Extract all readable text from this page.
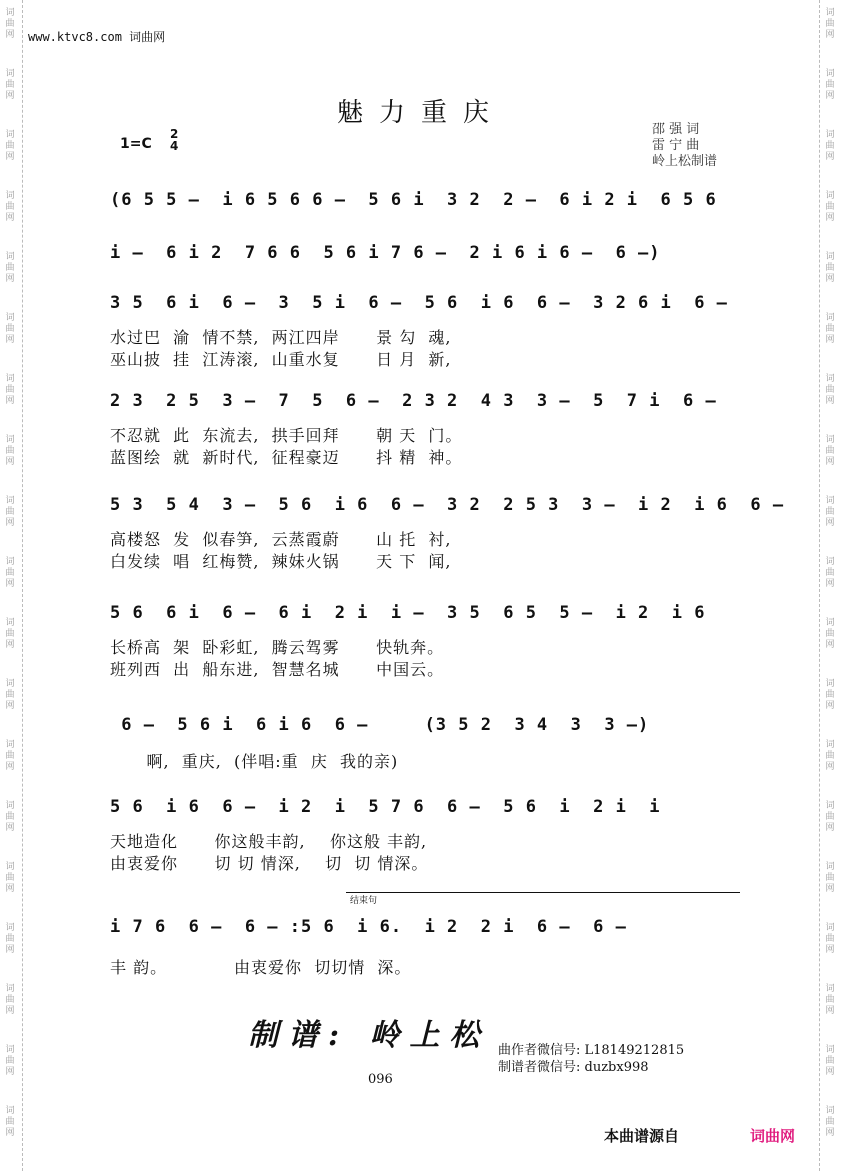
词
曲
网
词
曲
网
词
曲
网
词
曲
网
词
曲
网
词
曲
网
词
曲
网
词
曲
网
词
曲
网
词
曲
网
词
曲
网
词
曲
网
词
曲
网
词
曲
网
词
曲
网
词
曲
网
词
曲
网
词
曲
网
词
曲
网
词
曲
网
词
曲
网
词
曲
网
词
曲
网
词
曲
网
词
曲
网
词
曲
网
词
曲
网
词
曲
网
词
曲
网
词
曲
网
词
曲
网
词
曲
网
词
曲
网
词
曲
网
词
曲
网
词
曲
网
词
曲
网
词
曲
网
www.ktvc8.com 词曲网
魅力重庆
1=C
2
4
邵 强 词
雷 宁 曲
岭上松制谱
(6 5 5 –  i 6 5 6 6 –  5 6 i  3 2  2 –  6 i 2 i  6 5 6
i –  6 i 2  7 6 6  5 6 i 7 6 –  2 i 6 i 6 –  6 –)
3 5  6 i  6 –  3  5 i  6 –  5 6  i 6  6 –  3 2 6 i  6 –
水过巴  渝  情不禁,  两江四岸      景 勾  魂,
巫山披  挂  江涛滚,  山重水复      日 月  新,
2 3  2 5  3 –  7  5  6 –  2 3 2  4 3  3 –  5  7 i  6 –
不忍就  此  东流去,  拱手回拜      朝 天  门。
蓝图绘  就  新时代,  征程豪迈      抖 精  神。
5 3  5 4  3 –  5 6  i 6  6 –  3 2  2 5 3  3 –  i 2  i 6  6 –
高楼怒  发  似春笋,  云蒸霞蔚      山 托  衬,
白发续  唱  红梅赞,  辣妹火锅      天 下  闻,
5 6  6 i  6 –  6 i  2 i  i –  3 5  6 5  5 –  i 2  i 6
长桥高  架  卧彩虹,  腾云驾雾      快轨奔。
班列西  出  船东进,  智慧名城      中国云。
6 –  5 6 i  6 i 6  6 –     (3 5 2  3 4  3  3 –)
啊,  重庆,  (伴唱:重  庆  我的亲)
5 6  i 6  6 –  i 2  i  5 7 6  6 –  5 6  i  2 i  i
天地造化      你这般丰韵,    你这般 丰韵,
由衷爱你      切 切 情深,    切  切 情深。
结束句
i 7 6  6 –  6 – :5 6  i 6.  i 2  2 i  6 –  6 –
丰 韵。           由衷爱你  切切情  深。
制谱: 岭上松 曲作者微信号: L18149212815
制谱者微信号: duzbx998
096
本曲谱源自	词曲网
